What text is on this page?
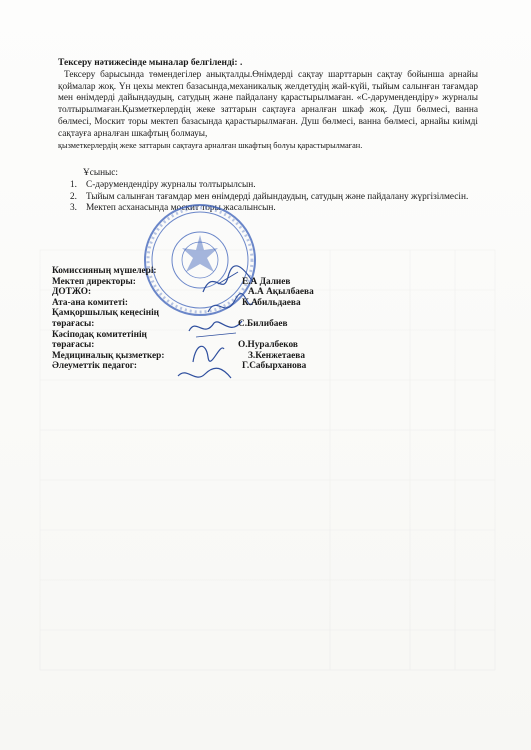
Тексеру нәтижесінде мыналар белгіленді: .

Тексеру барысында төмендегілер анықталды.Өнімдерді сақтау шарттарын сақтау бойынша арнайы қоймалар жоқ. Үн цехы мектеп базасында,механикалық желдетудің жай-күйі, тыйым салынған тағамдар мен өнімдерді дайындаудың, сатудың және пайдалану қарастырылмаған. «С-дәрумендендіру» журналы толтырылмаған.Қызметкерлердің жеке заттарын сақтауға арналған шкаф жоқ. Душ бөлмесі, ванна бөлмесі, Москит торы мектеп базасында қарастырылмаған. Душ бөлмесі, ванна бөлмесі, арнайы киімді сақтауға арналған шкафтың болмауы,

қызметкерлердің жеке заттарын сақтауға арналған шкафтың болуы қарастырылмаған.

Ұсыныс:
1. С-дәрумендендіру журналы толтырылсын.
2. Тыйым салынған тағамдар мен өнімдерді дайындаудың, сатудың және пайдалану жүргізілмесін.
3. Мектеп асханасында москит торы жасалынсын.
Комиссияның мүшелері:
Мектеп директоры:	Е.А Далиев
ДОТЖО:	А.А Ақылбаева
Ата-ана комитеті:	К.Абильдаева
Қамқоршылық кеңесінің
төрағасы:	С.Билибаев
Кәсіподақ комитетінің
төрағасы:	О.Нуралбеков
Медициналық қызметкер:	З.Кенжетаева
Әлеуметтік педагог:	Г.Сабырханова
